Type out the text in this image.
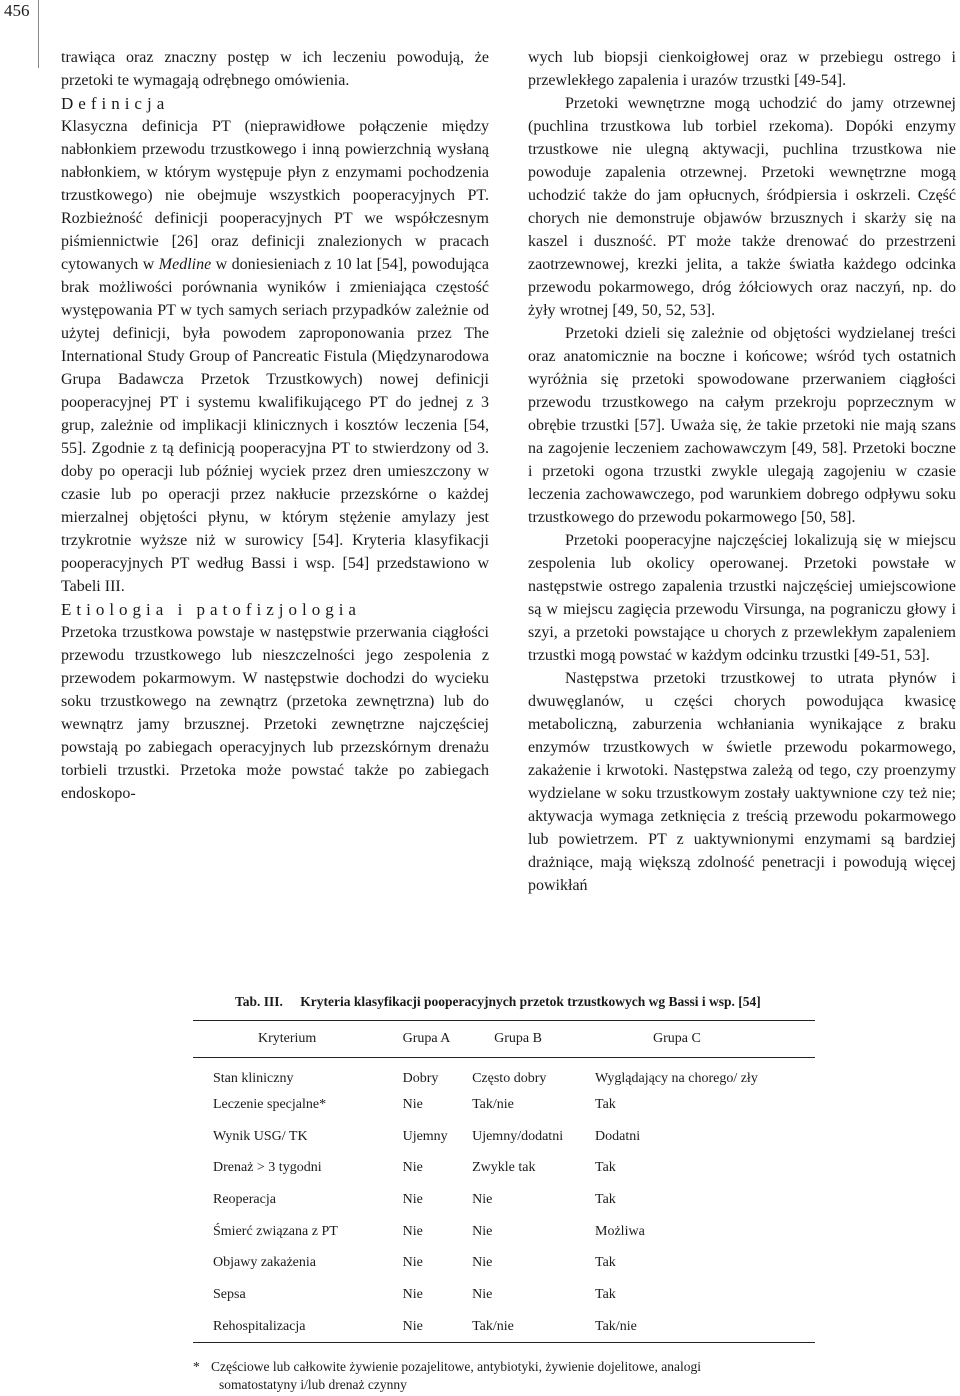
456

trawiąca oraz znaczny postęp w ich leczeniu powodują, że przetoki te wymagają odrębnego omówienia.

Definicja

Klasyczna definicja PT (nieprawidłowe połączenie między nabłonkiem przewodu trzustkowego i inną powierzchnią wysłaną nabłonkiem, w którym występuje płyn z enzymami pochodzenia trzustkowego) nie obejmuje wszystkich pooperacyjnych PT. Rozbieżność definicji pooperacyjnych PT we współczesnym piśmiennictwie [26] oraz definicji znalezionych w pracach cytowanych w Medline w doniesieniach z 10 lat [54], powodująca brak możliwości porównania wyników i zmieniająca częstość występowania PT w tych samych seriach przypadków zależnie od użytej definicji, była powodem zaproponowania przez The International Study Group of Pancreatic Fistula (Międzynarodowa Grupa Badawcza Przetok Trzustkowych) nowej definicji pooperacyjnej PT i systemu kwalifikującego PT do jednej z 3 grup, zależnie od implikacji klinicznych i kosztów leczenia [54, 55]. Zgodnie z tą definicją pooperacyjna PT to stwierdzony od 3. doby po operacji lub później wyciek przez dren umieszczony w czasie lub po operacji przez nakłucie przezskórne o każdej mierzalnej objętości płynu, w którym stężenie amylazy jest trzykrotnie wyższe niż w surowicy [54]. Kryteria klasyfikacji pooperacyjnych PT według Bassi i wsp. [54] przedstawiono w Tabeli III.

Etiologia i patofizjologia

Przetoka trzustkowa powstaje w następstwie przerwania ciągłości przewodu trzustkowego lub nieszczelności jego zespolenia z przewodem pokarmowym. W następstwie dochodzi do wycieku soku trzustkowego na zewnątrz (przetoka zewnętrzna) lub do wewnątrz jamy brzusznej. Przetoki zewnętrzne najczęściej powstają po zabiegach operacyjnych lub przezskórnym drenażu torbieli trzustki. Przetoka może powstać także po zabiegach endoskopo-

wych lub biopsji cienkoigłowej oraz w przebiegu ostrego i przewlekłego zapalenia i urazów trzustki [49-54].

Przetoki wewnętrzne mogą uchodzić do jamy otrzewnej (puchlina trzustkowa lub torbiel rzekoma). Dopóki enzymy trzustkowe nie ulegną aktywacji, puchlina trzustkowa nie powoduje zapalenia otrzewnej. Przetoki wewnętrzne mogą uchodzić także do jam opłucnych, śródpiersia i oskrzeli. Część chorych nie demonstruje objawów brzusznych i skarży się na kaszel i duszność. PT może także drenować do przestrzeni zaotrzewnowej, krezki jelita, a także światła każdego odcinka przewodu pokarmowego, dróg żółciowych oraz naczyń, np. do żyły wrotnej [49, 50, 52, 53].

Przetoki dzieli się zależnie od objętości wydzielanej treści oraz anatomicznie na boczne i końcowe; wśród tych ostatnich wyróżnia się przetoki spowodowane przerwaniem ciągłości przewodu trzustkowego na całym przekroju poprzecznym w obrębie trzustki [57]. Uważa się, że takie przetoki nie mają szans na zagojenie leczeniem zachowawczym [49, 58]. Przetoki boczne i przetoki ogona trzustki zwykle ulegają zagojeniu w czasie leczenia zachowawczego, pod warunkiem dobrego odpływu soku trzustkowego do przewodu pokarmowego [50, 58].

Przetoki pooperacyjne najczęściej lokalizują się w miejscu zespolenia lub okolicy operowanej. Przetoki powstałe w następstwie ostrego zapalenia trzustki najczęściej umiejscowione są w miejscu zagięcia przewodu Virsunga, na pograniczu głowy i szyi, a przetoki powstające u chorych z przewlekłym zapaleniem trzustki mogą powstać w każdym odcinku trzustki [49-51, 53].

Następstwa przetoki trzustkowej to utrata płynów i dwuwęglanów, u części chorych powodująca kwasicę metaboliczną, zaburzenia wchłaniania wynikające z braku enzymów trzustkowych w świetle przewodu pokarmowego, zakażenie i krwotoki. Następstwa zależą od tego, czy proenzymy wydzielane w soku trzustkowym zostały uaktywnione czy też nie; aktywacja wymaga zetknięcia z treścią przewodu pokarmowego lub powietrzem. PT z uaktywnionymi enzymami są bardziej drażniące, mają większą zdolność penetracji i powodują więcej powikłań

Tab. III. Kryteria klasyfikacji pooperacyjnych przetok trzustkowych wg Bassi i wsp. [54]
Kryterium	Grupa A	Grupa B	Grupa C
Stan kliniczny	Dobry	Często dobry	Wyglądający na chorego/ zły
Leczenie specjalne*	Nie	Tak/nie	Tak
Wynik USG/ TK	Ujemny	Ujemny/dodatni	Dodatni
Drenaż > 3 tygodni	Nie	Zwykle tak	Tak
Reoperacja	Nie	Nie	Tak
Śmierć związana z PT	Nie	Nie	Możliwa
Objawy zakażenia	Nie	Nie	Tak
Sepsa	Nie	Nie	Tak
Rehospitalizacja	Nie	Tak/nie	Tak/nie
* Częściowe lub całkowite żywienie pozajelitowe, antybiotyki, żywienie dojelitowe, analogi
somatostatyny i/lub drenaż czynny
